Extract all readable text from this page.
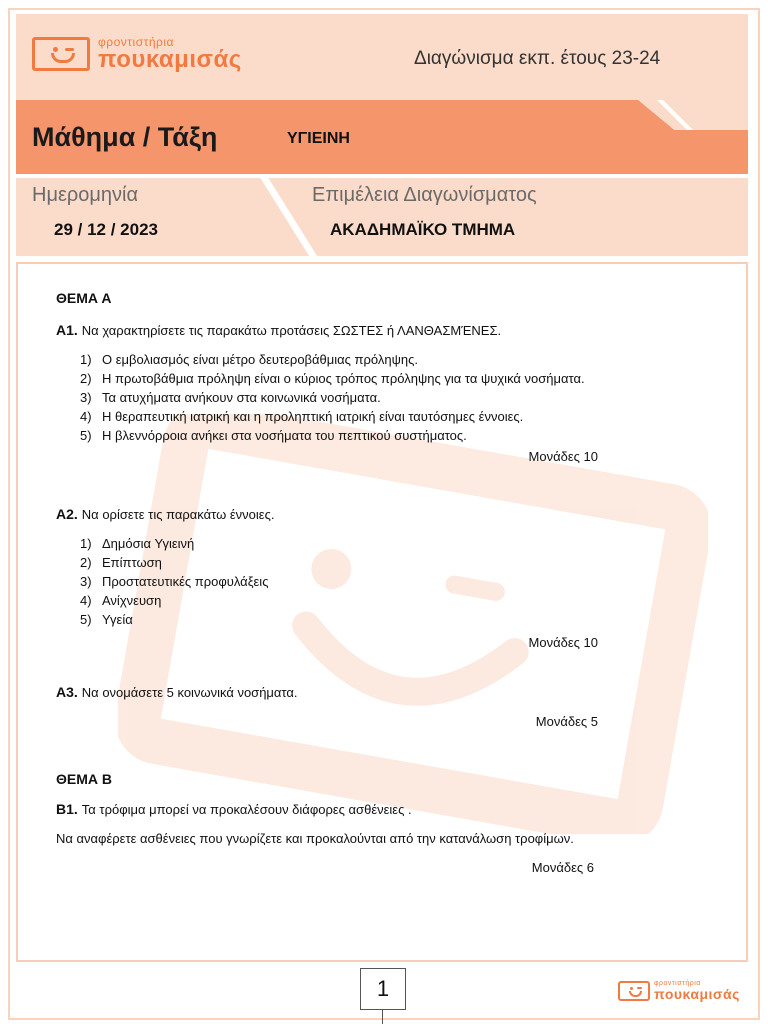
φροντιστήρια
πουκαμισάς	Διαγώνισμα εκπ. έτους 23-24
Μάθημα / Τάξη	ΥΓΙΕΙΝΗ
Ημερομηνία
29 / 12 / 2023
Επιμέλεια Διαγωνίσματος
ΑΚΑΔΗΜΑΪΚΟ ΤΜΗΜΑ
ΘΕΜΑ Α
Α1. Να χαρακτηρίσετε τις παρακάτω προτάσεις ΣΩΣΤΕΣ ή ΛΑΝΘΑΣΜΈΝΕΣ.
1) Ο εμβολιασμός είναι μέτρο δευτεροβάθμιας πρόληψης.
2) Η πρωτοβάθμια πρόληψη είναι ο κύριος τρόπος πρόληψης για τα ψυχικά νοσήματα.
3) Τα ατυχήματα ανήκουν στα κοινωνικά νοσήματα.
4) Η θεραπευτική ιατρική και η προληπτική ιατρική είναι ταυτόσημες έννοιες.
5) Η βλεννόρροια ανήκει στα νοσήματα του πεπτικού συστήματος.
Μονάδες 10
Α2. Να ορίσετε τις παρακάτω έννοιες.
1) Δημόσια Υγιεινή
2) Επίπτωση
3) Προστατευτικές προφυλάξεις
4) Ανίχνευση
5) Υγεία
Μονάδες 10
Α3. Να ονομάσετε 5 κοινωνικά νοσήματα.
Μονάδες 5
ΘΕΜΑ Β
Β1. Τα τρόφιμα μπορεί να προκαλέσουν διάφορες ασθένειες .
Να αναφέρετε ασθένειες που γνωρίζετε και προκαλούνται από την κατανάλωση τροφίμων.
Μονάδες 6
1	φροντιστήρια
πουκαμισάς
